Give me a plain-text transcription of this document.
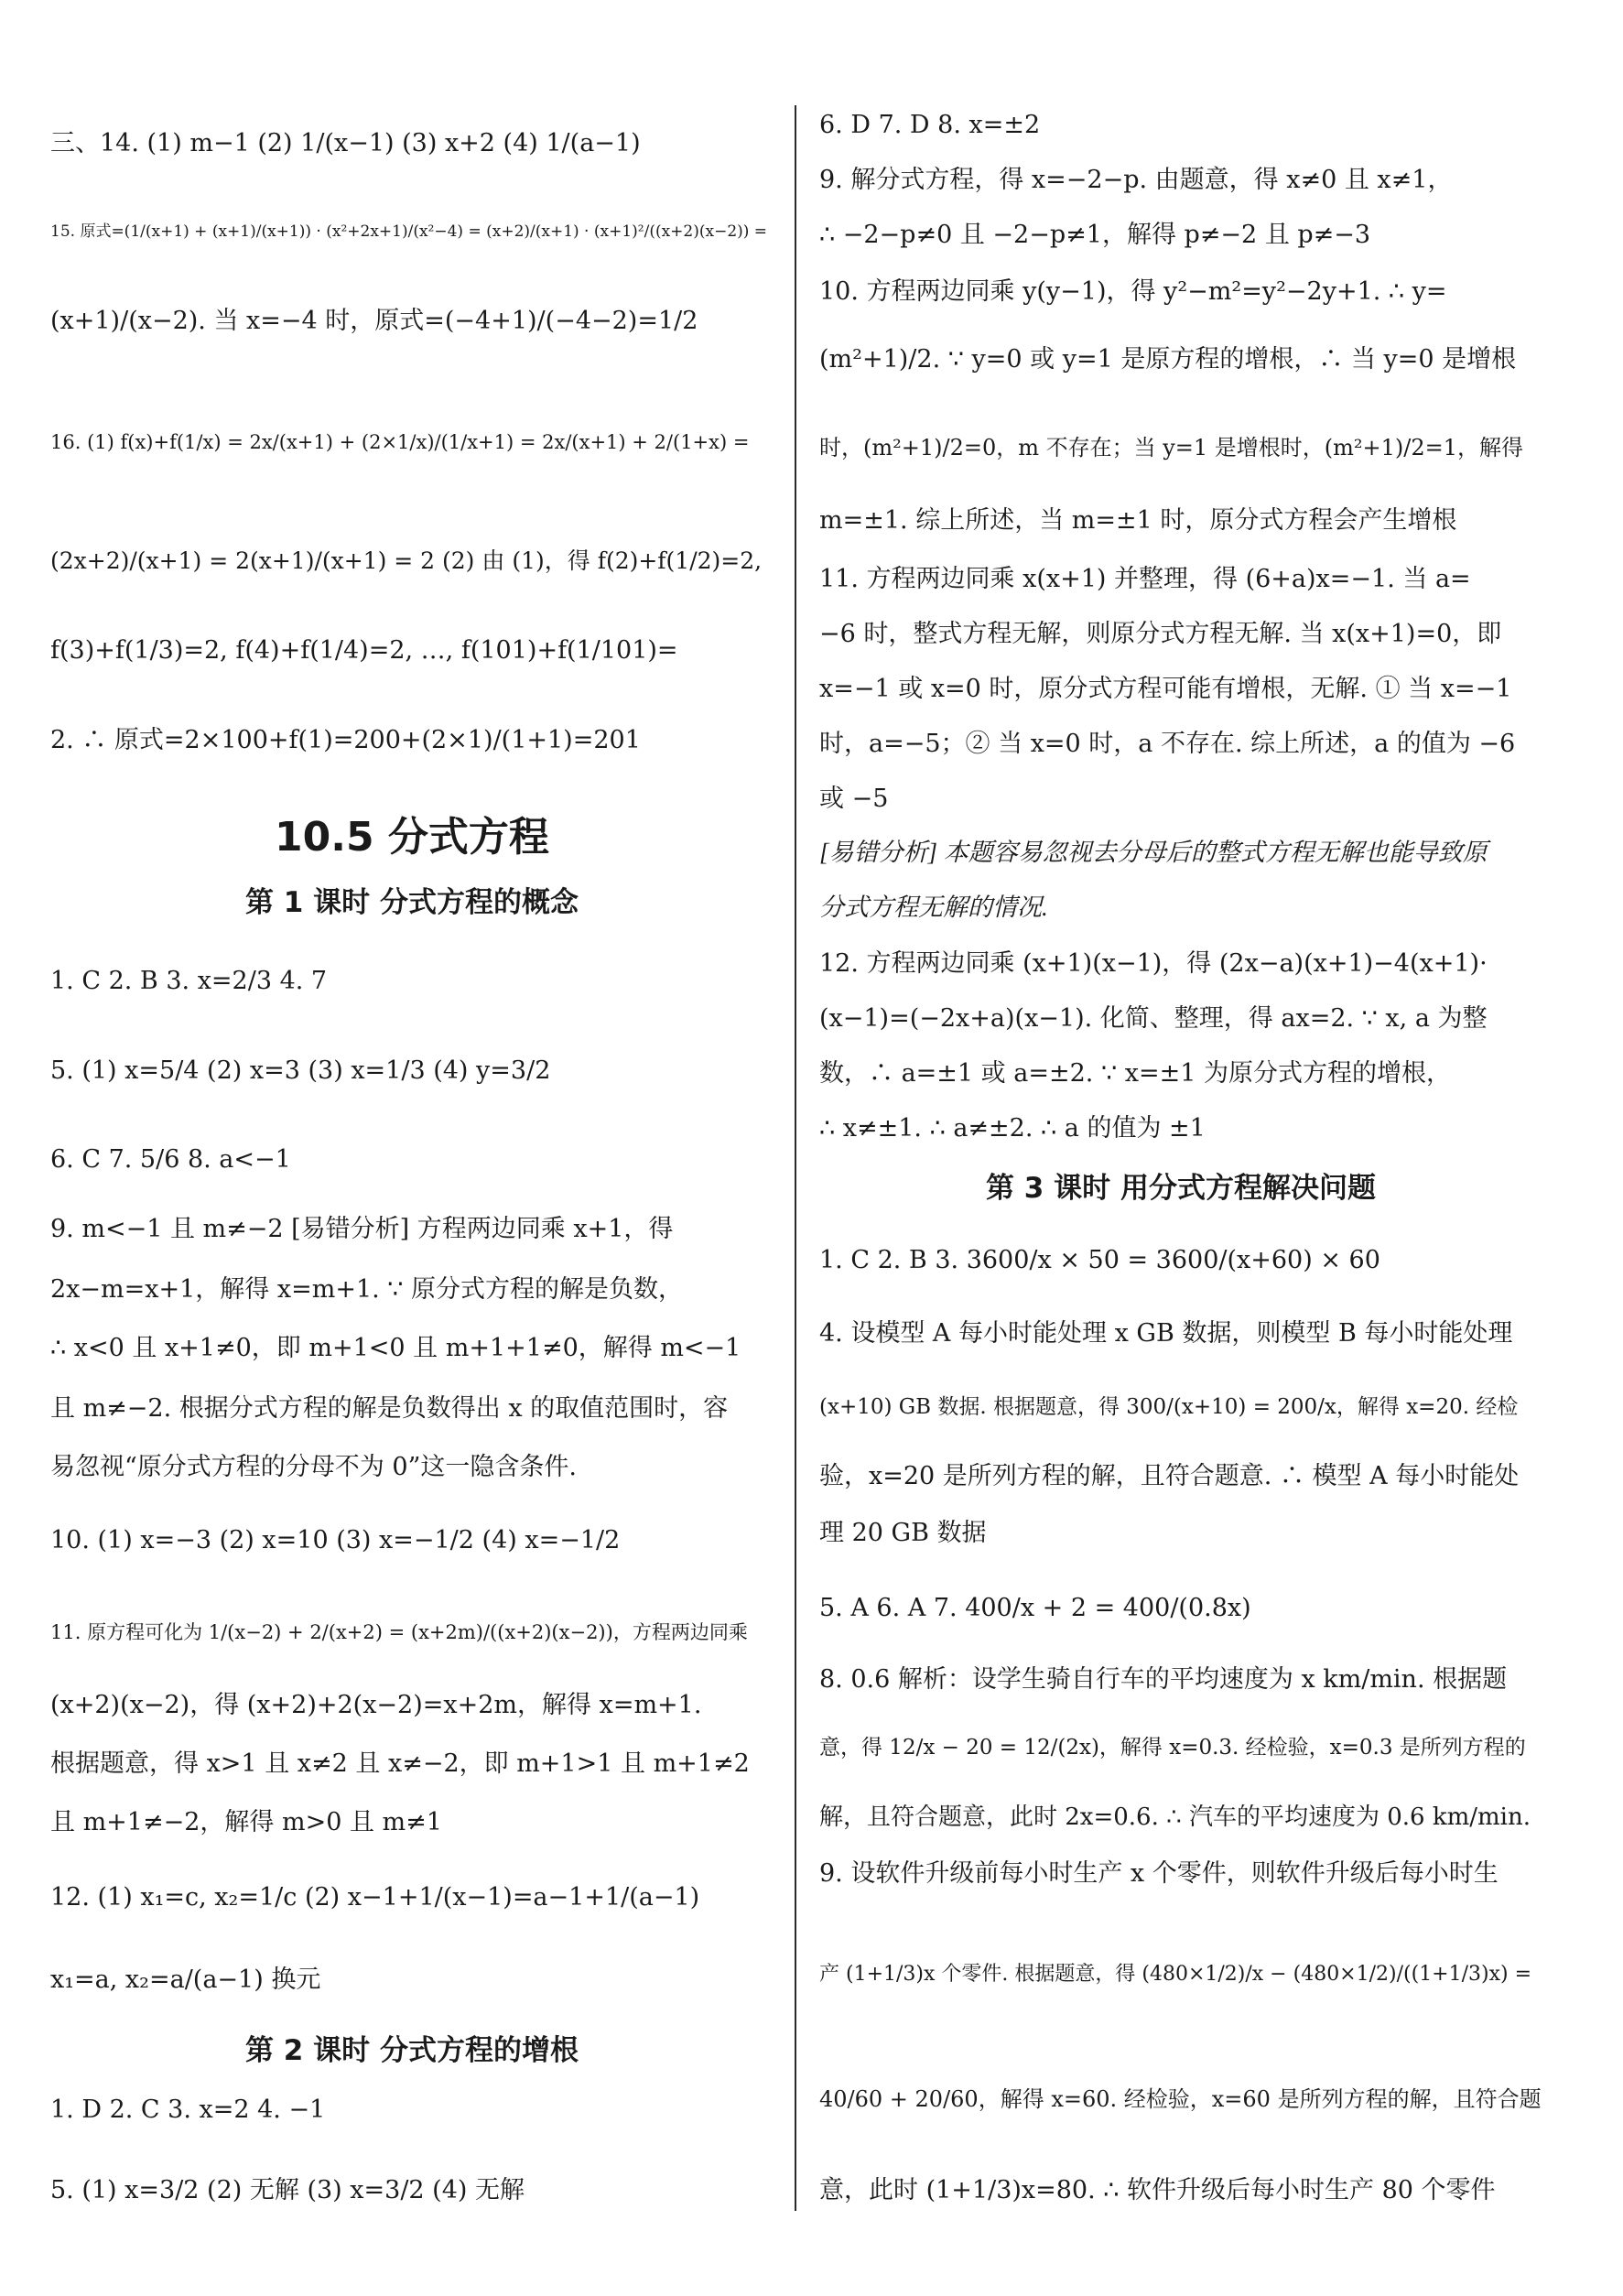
三、14. (1) m−1 (2) 1/(x−1) (3) x+2 (4) 1/(a−1)
15. 原式=(1/(x+1) + (x+1)/(x+1)) · (x²+2x+1)/(x²−4) = (x+2)/(x+1) · (x+1)²/((x+2)(x−2)) =
(x+1)/(x−2). 当 x=−4 时，原式=(−4+1)/(−4−2)=1/2
16. (1) f(x)+f(1/x) = 2x/(x+1) + (2×1/x)/(1/x+1) = 2x/(x+1) + 2/(1+x) =
(2x+2)/(x+1) = 2(x+1)/(x+1) = 2 (2) 由 (1)，得 f(2)+f(1/2)=2,
f(3)+f(1/3)=2, f(4)+f(1/4)=2, …, f(101)+f(1/101)=
2. ∴ 原式=2×100+f(1)=200+(2×1)/(1+1)=201
10.5 分式方程
第 1 课时 分式方程的概念
1. C 2. B 3. x=2/3 4. 7
5. (1) x=5/4 (2) x=3 (3) x=1/3 (4) y=3/2
6. C 7. 5/6 8. a<−1
9. m<−1 且 m≠−2 [易错分析] 方程两边同乘 x+1，得
2x−m=x+1，解得 x=m+1. ∵ 原分式方程的解是负数，
∴ x<0 且 x+1≠0，即 m+1<0 且 m+1+1≠0，解得 m<−1
且 m≠−2. 根据分式方程的解是负数得出 x 的取值范围时，容
易忽视“原分式方程的分母不为 0”这一隐含条件.
10. (1) x=−3 (2) x=10 (3) x=−1/2 (4) x=−1/2
11. 原方程可化为 1/(x−2) + 2/(x+2) = (x+2m)/((x+2)(x−2))，方程两边同乘
(x+2)(x−2)，得 (x+2)+2(x−2)=x+2m，解得 x=m+1.
根据题意，得 x>1 且 x≠2 且 x≠−2，即 m+1>1 且 m+1≠2
且 m+1≠−2，解得 m>0 且 m≠1
12. (1) x₁=c, x₂=1/c (2) x−1+1/(x−1)=a−1+1/(a−1)
x₁=a, x₂=a/(a−1) 换元
第 2 课时 分式方程的增根
1. D 2. C 3. x=2 4. −1
5. (1) x=3/2 (2) 无解 (3) x=3/2 (4) 无解
6. D 7. D 8. x=±2
9. 解分式方程，得 x=−2−p. 由题意，得 x≠0 且 x≠1，
∴ −2−p≠0 且 −2−p≠1，解得 p≠−2 且 p≠−3
10. 方程两边同乘 y(y−1)，得 y²−m²=y²−2y+1. ∴ y=
(m²+1)/2. ∵ y=0 或 y=1 是原方程的增根，∴ 当 y=0 是增根
时，(m²+1)/2=0，m 不存在；当 y=1 是增根时，(m²+1)/2=1，解得
m=±1. 综上所述，当 m=±1 时，原分式方程会产生增根
11. 方程两边同乘 x(x+1) 并整理，得 (6+a)x=−1. 当 a=
−6 时，整式方程无解，则原分式方程无解. 当 x(x+1)=0，即
x=−1 或 x=0 时，原分式方程可能有增根，无解. ① 当 x=−1
时，a=−5；② 当 x=0 时，a 不存在. 综上所述，a 的值为 −6
或 −5
[易错分析] 本题容易忽视去分母后的整式方程无解也能导致原
分式方程无解的情况.
12. 方程两边同乘 (x+1)(x−1)，得 (2x−a)(x+1)−4(x+1)·
(x−1)=(−2x+a)(x−1). 化简、整理，得 ax=2. ∵ x, a 为整
数，∴ a=±1 或 a=±2. ∵ x=±1 为原分式方程的增根，
∴ x≠±1. ∴ a≠±2. ∴ a 的值为 ±1
第 3 课时 用分式方程解决问题
1. C 2. B 3. 3600/x × 50 = 3600/(x+60) × 60
4. 设模型 A 每小时能处理 x GB 数据，则模型 B 每小时能处理
(x+10) GB 数据. 根据题意，得 300/(x+10) = 200/x，解得 x=20. 经检
验，x=20 是所列方程的解，且符合题意. ∴ 模型 A 每小时能处
理 20 GB 数据
5. A 6. A 7. 400/x + 2 = 400/(0.8x)
8. 0.6 解析：设学生骑自行车的平均速度为 x km/min. 根据题
意，得 12/x − 20 = 12/(2x)，解得 x=0.3. 经检验，x=0.3 是所列方程的
解，且符合题意，此时 2x=0.6. ∴ 汽车的平均速度为 0.6 km/min.
9. 设软件升级前每小时生产 x 个零件，则软件升级后每小时生
产 (1+1/3)x 个零件. 根据题意，得 (480×1/2)/x − (480×1/2)/((1+1/3)x) =
40/60 + 20/60，解得 x=60. 经检验，x=60 是所列方程的解，且符合题
意，此时 (1+1/3)x=80. ∴ 软件升级后每小时生产 80 个零件
